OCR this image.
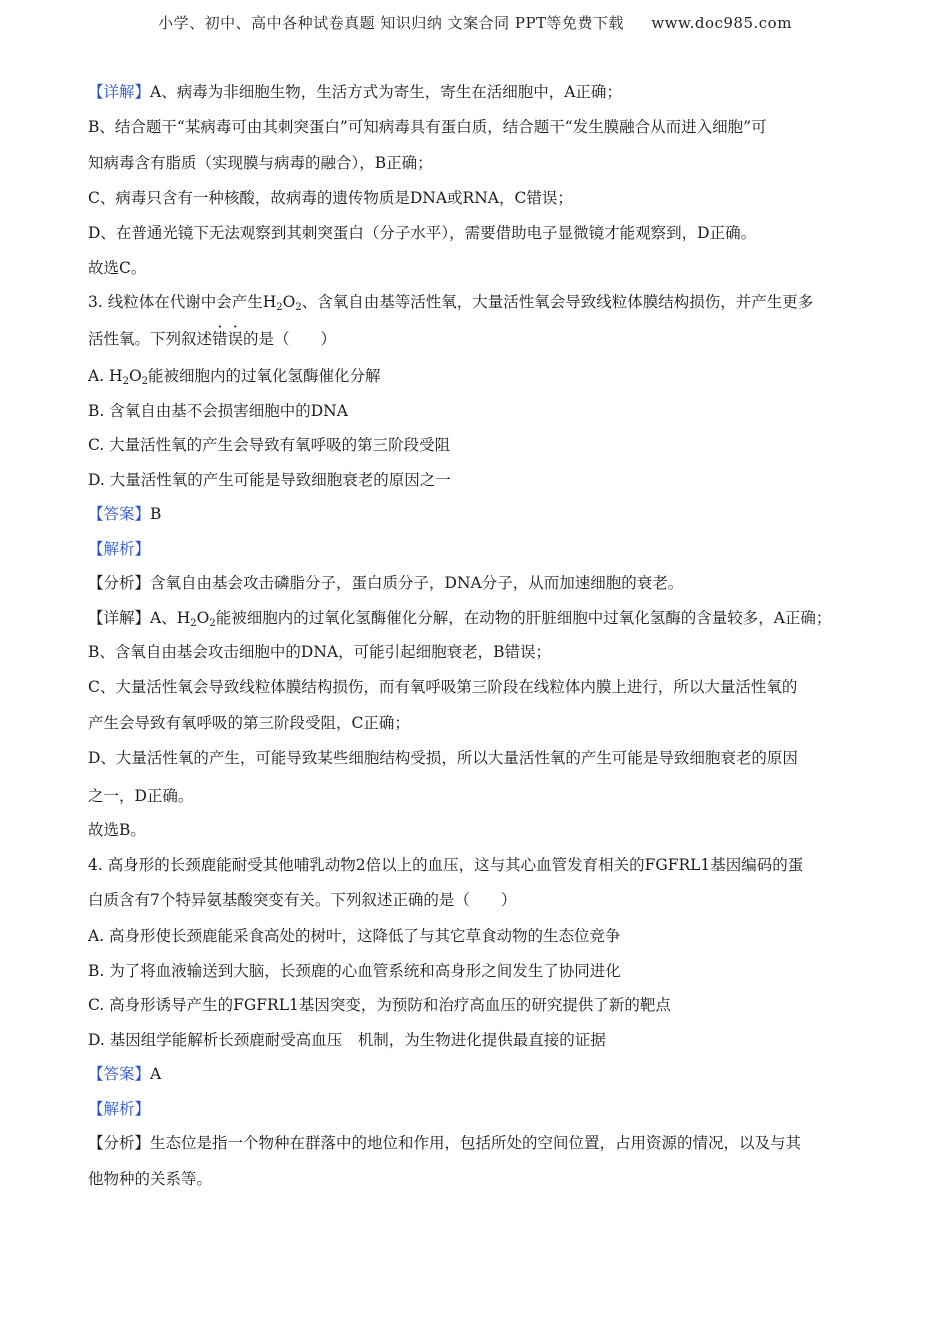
小学、初中、高中各种试卷真题 知识归纳 文案合同 PPT等免费下载 www.doc985.com
【详解】A、病毒为非细胞生物，生活方式为寄生，寄生在活细胞中，A正确；
B、结合题干“某病毒可由其刺突蛋白”可知病毒具有蛋白质，结合题干“发生膜融合从而进入细胞”可
知病毒含有脂质（实现膜与病毒的融合），B正确；
C、病毒只含有一种核酸，故病毒的遗传物质是DNA或RNA，C错误；
D、在普通光镜下无法观察到其刺突蛋白（分子水平），需要借助电子显微镜才能观察到，D正确。
故选C。
3. 线粒体在代谢中会产生$H_2O_2$、含氧自由基等活性氧，大量活性氧会导致线粒体膜结构损伤，并产生更多
活性氧。下列叙述错误的是（　　）
A. $H_2O_2$能被细胞内的过氧化氢酶催化分解
B. 含氧自由基不会损害细胞中的DNA
C. 大量活性氧的产生会导致有氧呼吸的第三阶段受阻
D. 大量活性氧的产生可能是导致细胞衰老的原因之一
【答案】B
【解析】
【分析】含氧自由基会攻击磷脂分子，蛋白质分子，DNA分子，从而加速细胞的衰老。
【详解】A、$H_2O_2$能被细胞内的过氧化氢酶催化分解，在动物的肝脏细胞中过氧化氢酶的含量较多，A正确；
B、含氧自由基会攻击细胞中的DNA，可能引起细胞衰老，B错误；
C、大量活性氧会导致线粒体膜结构损伤，而有氧呼吸第三阶段在线粒体内膜上进行，所以大量活性氧的
产生会导致有氧呼吸的第三阶段受阻，C正确；
D、大量活性氧的产生，可能导致某些细胞结构受损，所以大量活性氧的产生可能是导致细胞衰老的原因
之一，D正确。
故选B。
4. 高身形的长颈鹿能耐受其他哺乳动物2倍以上的血压，这与其心血管发育相关的FGFRL1基因编码的蛋
白质含有7个特异氨基酸突变有关。下列叙述正确的是（　　）
A. 高身形使长颈鹿能采食高处的树叶，这降低了与其它草食动物的生态位竞争
B. 为了将血液输送到大脑，长颈鹿的心血管系统和高身形之间发生了协同进化
C. 高身形诱导产生的FGFRL1基因突变，为预防和治疗高血压的研究提供了新的靶点
D. 基因组学能解析长颈鹿耐受高血压　机制，为生物进化提供最直接的证据
【答案】A
【解析】
【分析】生态位是指一个物种在群落中的地位和作用，包括所处的空间位置，占用资源的情况，以及与其
他物种的关系等。
